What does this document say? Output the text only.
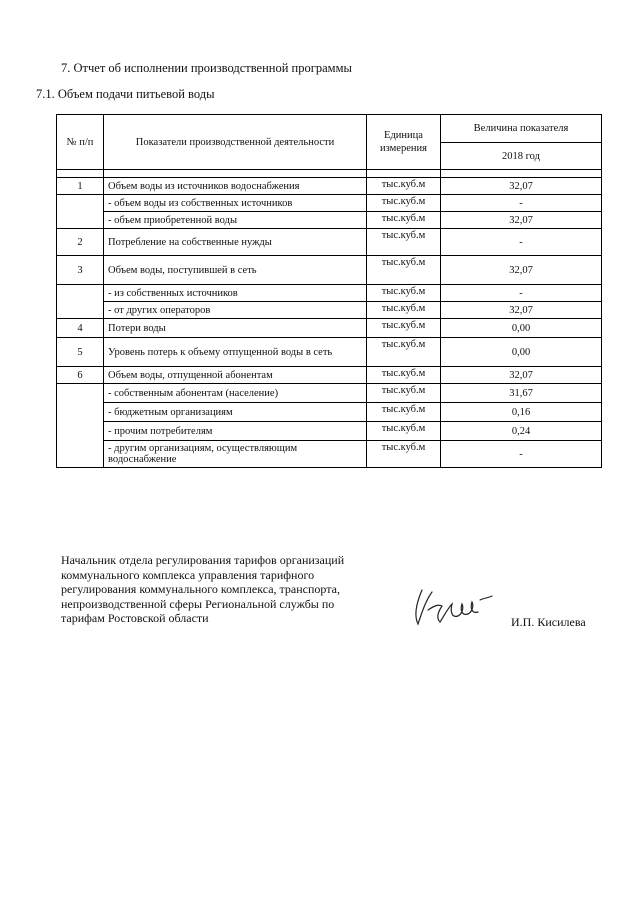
7. Отчет об исполнении производственной программы
7.1. Объем подачи питьевой воды
№ п/п	Показатели производственной деятельности	Единица измерения	Величина показателя
			2018 год

1	Объем воды из источников водоснабжения	тыс.куб.м	32,07
	- объем воды из собственных источников	тыс.куб.м	-
	- объем приобретенной воды	тыс.куб.м	32,07
2	Потребление на собственные нужды	тыс.куб.м	-
3	Объем воды, поступившей в сеть	тыс.куб.м	32,07
	- из собственных источников	тыс.куб.м	-
	- от других операторов	тыс.куб.м	32,07
4	Потери воды	тыс.куб.м	0,00
5	Уровень потерь к объему отпущенной воды в сеть	тыс.куб.м	0,00
6	Объем воды, отпущенной абонентам	тыс.куб.м	32,07
	- собственным абонентам (население)	тыс.куб.м	31,67
	- бюджетным организациям	тыс.куб.м	0,16
	- прочим потребителям	тыс.куб.м	0,24
	- другим организациям, осуществляющим водоснабжение	тыс.куб.м	-
Начальник отдела регулирования тарифов организаций
коммунального комплекса управления тарифного
регулирования коммунального комплекса, транспорта,
непроизводственной сферы Региональной службы по
тарифам Ростовской области	И.П. Кисилева
